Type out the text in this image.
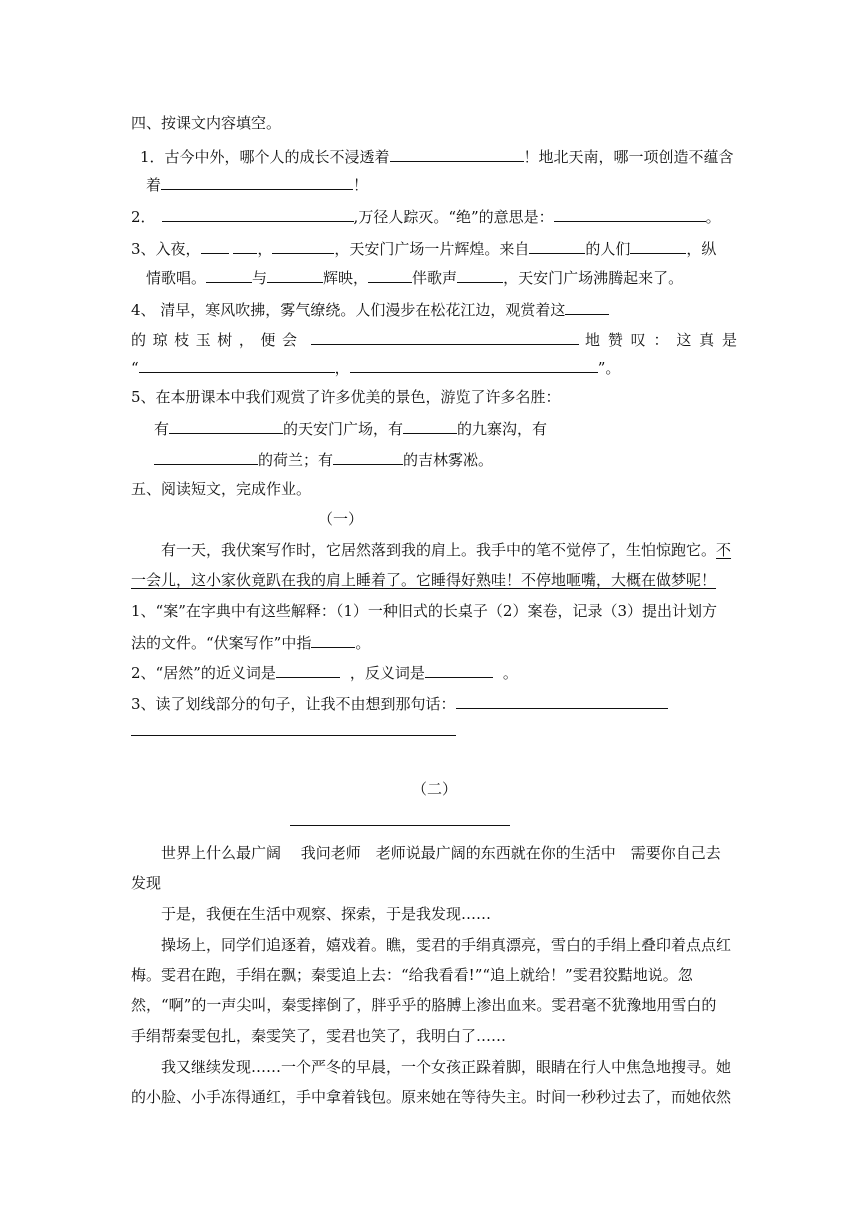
四、按课文内容填空。
1．古今中外，哪个人的成长不浸透着	！地北天南，哪一项创造不蕴含
着	！
2．	,万径人踪灭。“绝”的意思是：	。
3、入夜，	，	，天安门广场一片辉煌。来自	的人们	，纵
情歌唱。	与	辉映，	伴歌声	，天安门广场沸腾起来了。
4、 清早，寒风吹拂，雾气缭绕。人们漫步在松花江边，观赏着这
的 琼 枝 玉 树 ， 便 会	地 赞 叹 ： 这 真 是
“	，	”。
5、在本册课本中我们观赏了许多优美的景色，游览了许多名胜：
有	的天安门广场，有	的九寨沟，有
的荷兰；有	的吉林雾凇。
五、阅读短文，完成作业。
（一）
有一天，我伏案写作时，它居然落到我的肩上。我手中的笔不觉停了，生怕惊跑它。不
一会儿，这小家伙竟趴在我的肩上睡着了。它睡得好熟哇！不停地咂嘴，大概在做梦呢！
1、“案”在字典中有这些解释：（1）一种旧式的长桌子（2）案卷，记录（3）提出计划方
法的文件。“伏案写作”中指	。
2、“居然”的近义词是	，反义词是	。
3、读了划线部分的句子，让我不由想到那句话：
（二）
世界上什么最广阔　 我问老师　老师说最广阔的东西就在你的生活中　需要你自己去
发现
于是，我便在生活中观察、探索，于是我发现……
操场上，同学们追逐着，嬉戏着。瞧，雯君的手绢真漂亮，雪白的手绢上叠印着点点红
梅。雯君在跑，手绢在飘；秦雯追上去：“给我看看!”“追上就给！”雯君狡黠地说。忽
然，“啊”的一声尖叫，秦雯摔倒了，胖乎乎的胳膊上渗出血来。雯君毫不犹豫地用雪白的
手绢帮秦雯包扎，秦雯笑了，雯君也笑了，我明白了……
我又继续发现……一个严冬的早晨，一个女孩正跺着脚，眼睛在行人中焦急地搜寻。她
的小脸、小手冻得通红，手中拿着钱包。原来她在等待失主。时间一秒秒过去了，而她依然
